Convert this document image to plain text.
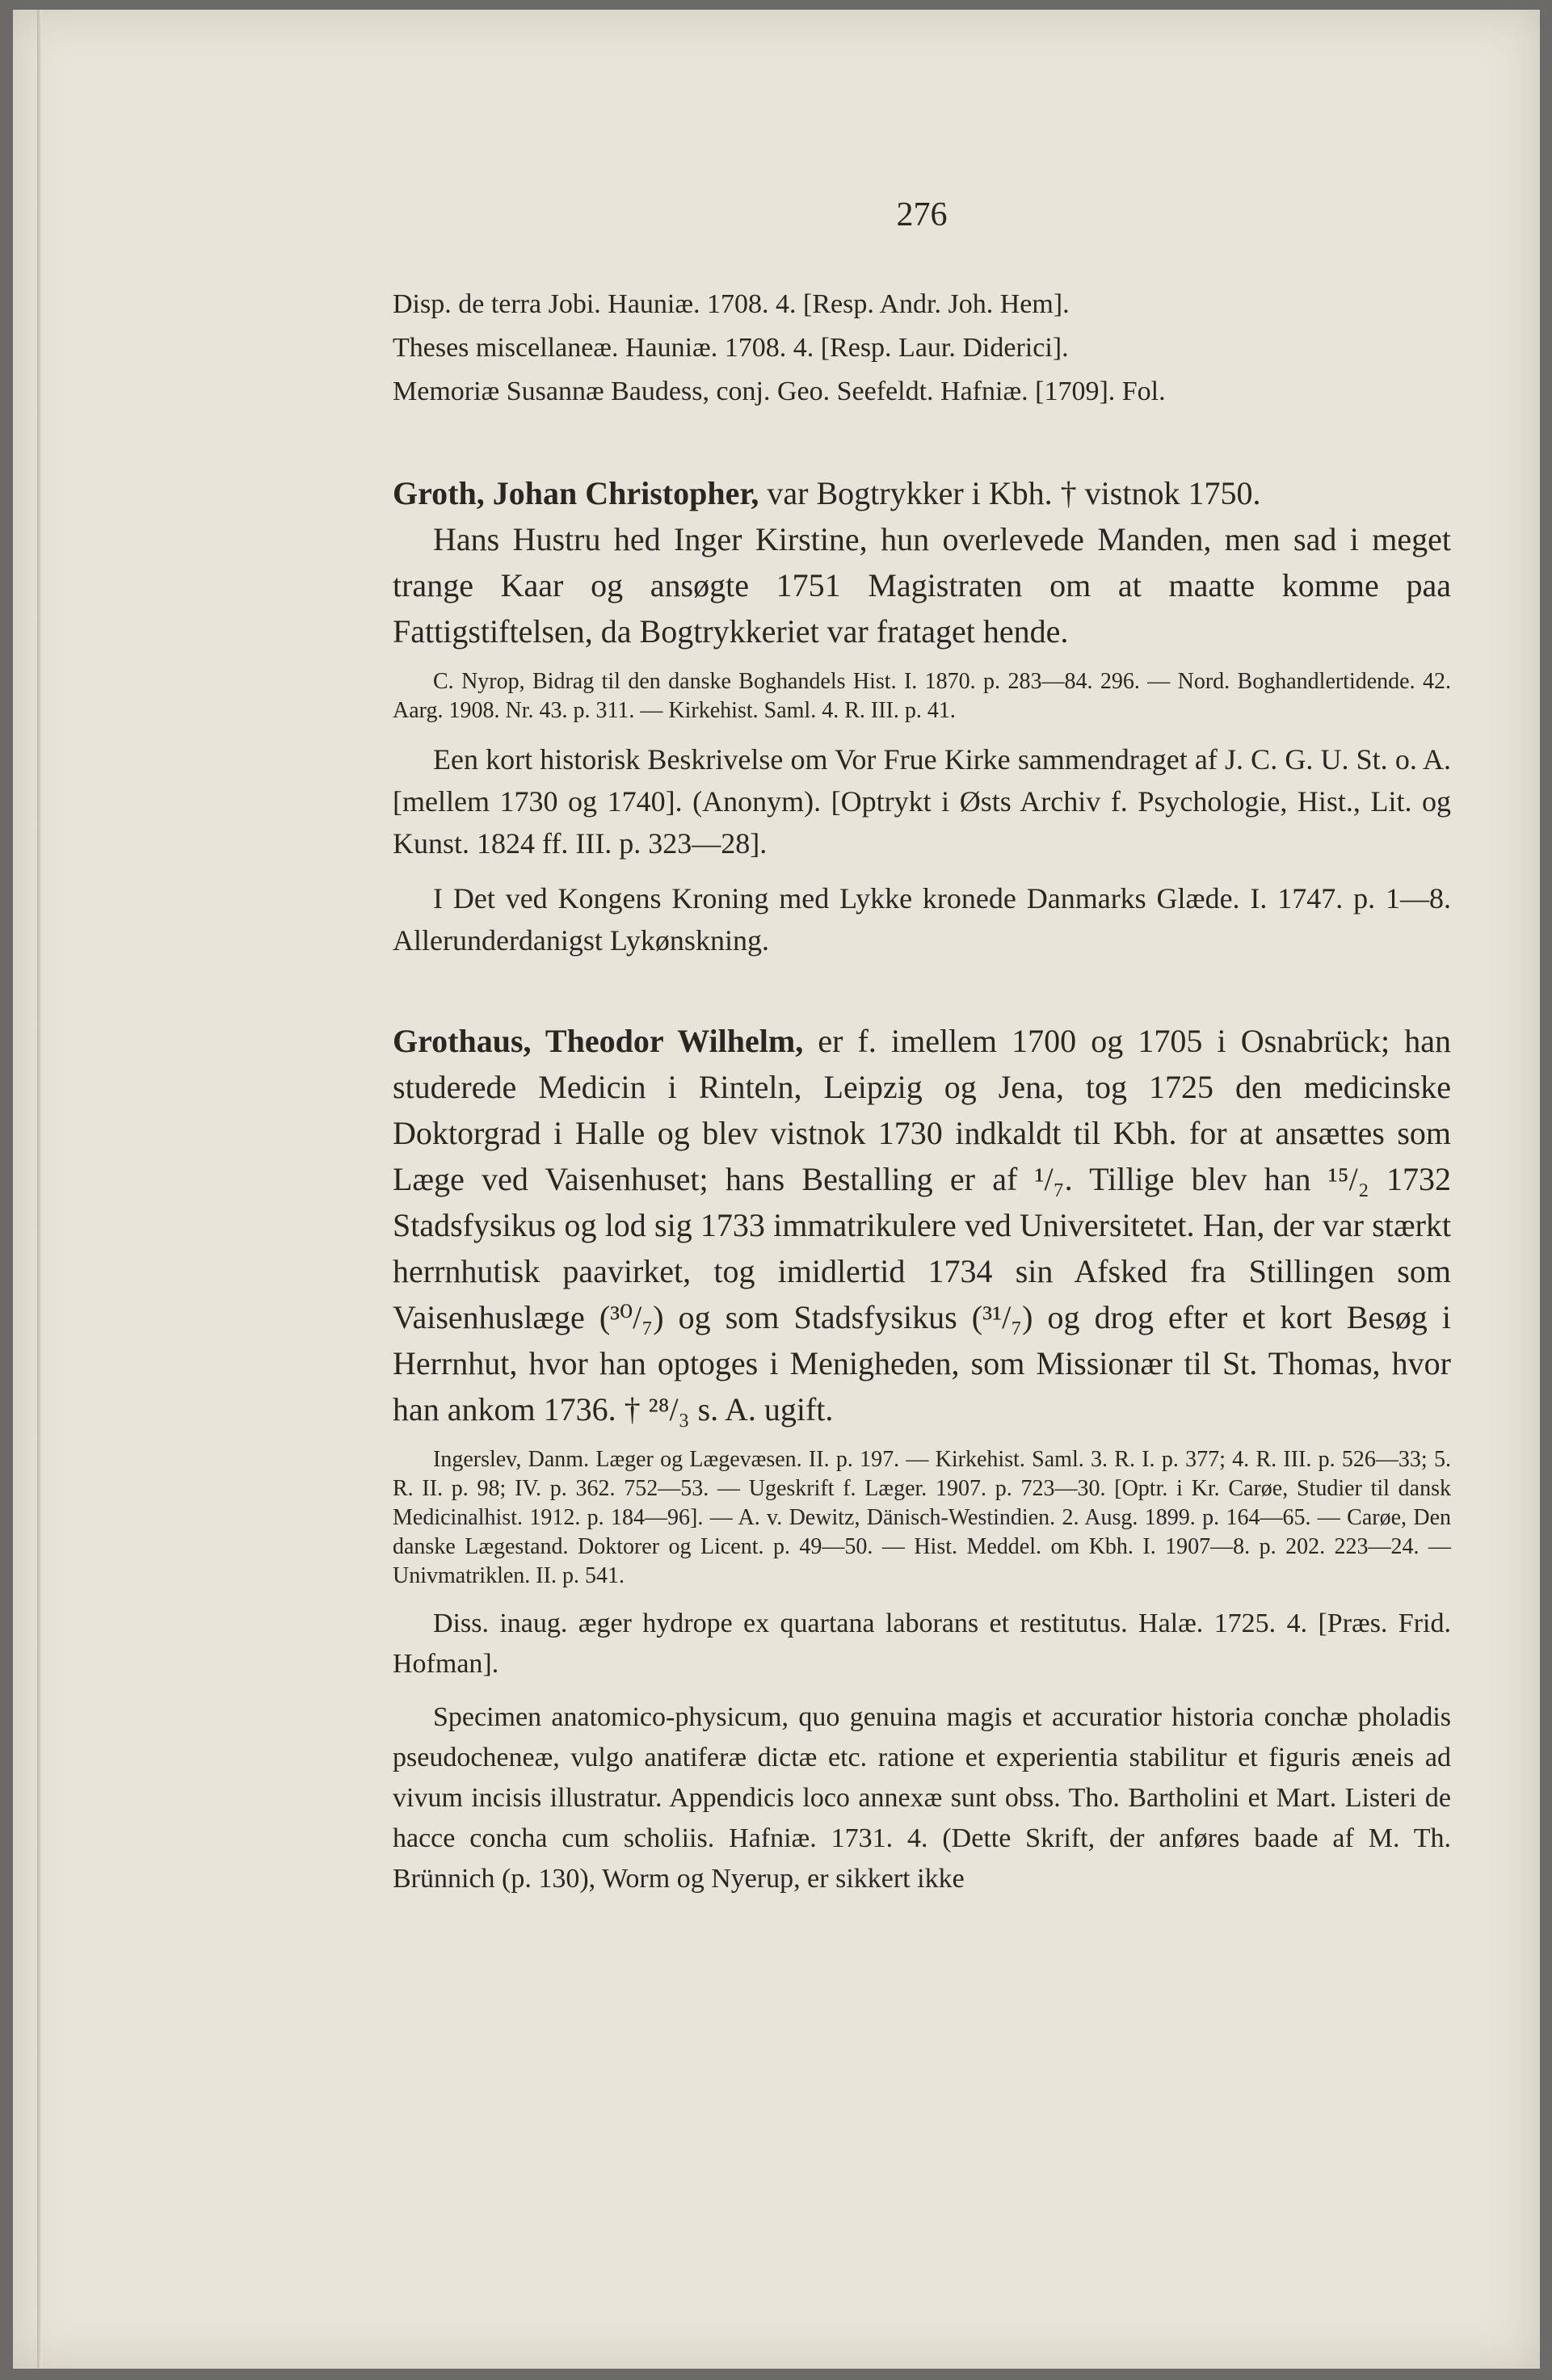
276

Disp. de terra Jobi. Hauniæ. 1708. 4. [Resp. Andr. Joh. Hem].

Theses miscellaneæ. Hauniæ. 1708. 4. [Resp. Laur. Diderici].

Memoriæ Susannæ Baudess, conj. Geo. Seefeldt. Hafniæ. [1709]. Fol.

Groth, Johan Christopher, var Bogtrykker i Kbh. † vistnok 1750.

Hans Hustru hed Inger Kirstine, hun overlevede Manden, men sad i meget trange Kaar og ansøgte 1751 Magistraten om at maatte komme paa Fattigstiftelsen, da Bogtrykkeriet var frataget hende.

C. Nyrop, Bidrag til den danske Boghandels Hist. I. 1870. p. 283—84. 296. — Nord. Boghandlertidende. 42. Aarg. 1908. Nr. 43. p. 311. — Kirkehist. Saml. 4. R. III. p. 41.

Een kort historisk Beskrivelse om Vor Frue Kirke sammendraget af J. C. G. U. St. o. A. [mellem 1730 og 1740]. (Anonym). [Optrykt i Østs Archiv f. Psychologie, Hist., Lit. og Kunst. 1824 ff. III. p. 323—28].

I Det ved Kongens Kroning med Lykke kronede Danmarks Glæde. I. 1747. p. 1—8. Allerunderdanigst Lykønskning.

Grothaus, Theodor Wilhelm, er f. imellem 1700 og 1705 i Osnabrück; han studerede Medicin i Rinteln, Leipzig og Jena, tog 1725 den medicinske Doktorgrad i Halle og blev vistnok 1730 indkaldt til Kbh. for at ansættes som Læge ved Vaisenhuset; hans Bestalling er af ¹/₇. Tillige blev han ¹⁵/₂ 1732 Stadsfysikus og lod sig 1733 immatrikulere ved Universitetet. Han, der var stærkt herrnhutisk paavirket, tog imidlertid 1734 sin Afsked fra Stillingen som Vaisenhuslæge (³⁰/₇) og som Stadsfysikus (³¹/₇) og drog efter et kort Besøg i Herrnhut, hvor han optoges i Menigheden, som Missionær til St. Thomas, hvor han ankom 1736. † ²⁸/₃ s. A. ugift.

Ingerslev, Danm. Læger og Lægevæsen. II. p. 197. — Kirkehist. Saml. 3. R. I. p. 377; 4. R. III. p. 526—33; 5. R. II. p. 98; IV. p. 362. 752—53. — Ugeskrift f. Læger. 1907. p. 723—30. [Optr. i Kr. Carøe, Studier til dansk Medicinalhist. 1912. p. 184—96]. — A. v. Dewitz, Dänisch-Westindien. 2. Ausg. 1899. p. 164—65. — Carøe, Den danske Lægestand. Doktorer og Licent. p. 49—50. — Hist. Meddel. om Kbh. I. 1907—8. p. 202. 223—24. — Univmatriklen. II. p. 541.

Diss. inaug. æger hydrope ex quartana laborans et restitutus. Halæ. 1725. 4. [Præs. Frid. Hofman].

Specimen anatomico-physicum, quo genuina magis et accuratior historia conchæ pholadis pseudocheneæ, vulgo anatiferæ dictæ etc. ratione et experientia stabilitur et figuris æneis ad vivum incisis illustratur. Appendicis loco annexæ sunt obss. Tho. Bartholini et Mart. Listeri de hacce concha cum scholiis. Hafniæ. 1731. 4. (Dette Skrift, der anføres baade af M. Th. Brünnich (p. 130), Worm og Nyerup, er sikkert ikke
